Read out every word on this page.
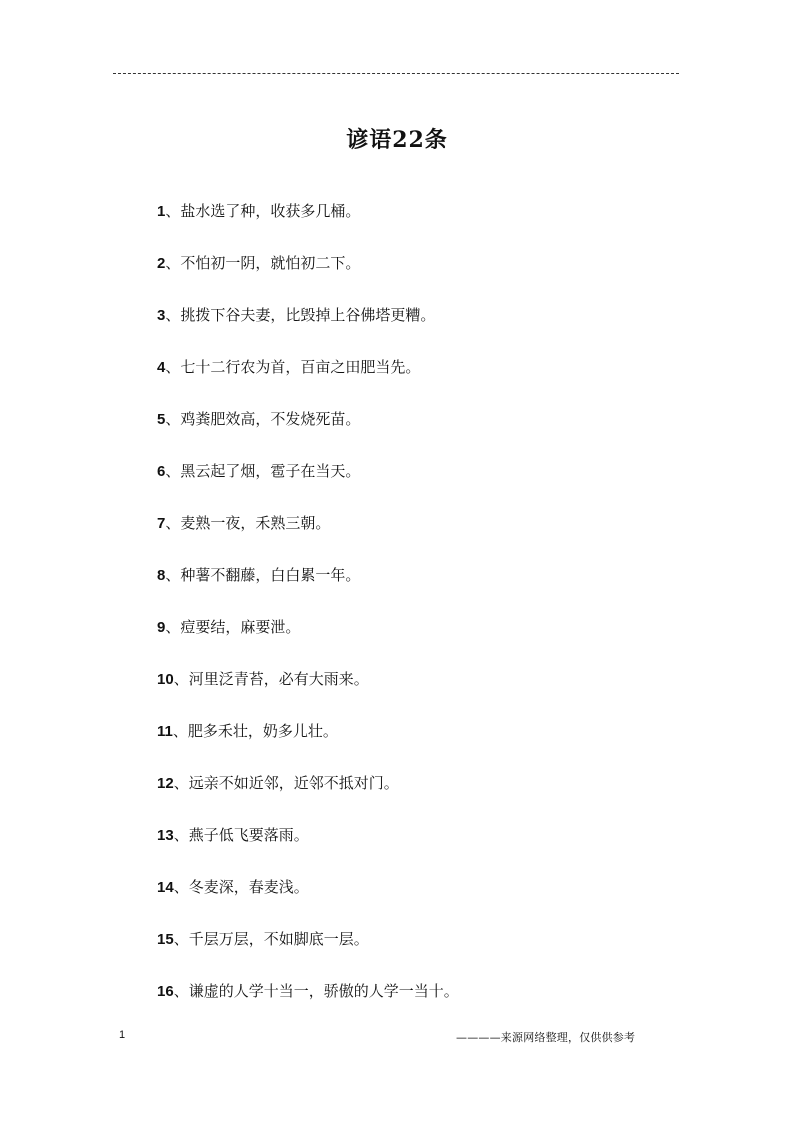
谚语22条
1、盐水选了种，收获多几桶。
2、不怕初一阴，就怕初二下。
3、挑拨下谷夫妻，比毁掉上谷佛塔更糟。
4、七十二行农为首，百亩之田肥当先。
5、鸡粪肥效高，不发烧死苗。
6、黑云起了烟，雹子在当天。
7、麦熟一夜，禾熟三朝。
8、种薯不翻藤，白白累一年。
9、痘要结，麻要泄。
10、河里泛青苔，必有大雨来。
11、肥多禾壮，奶多儿壮。
12、远亲不如近邻，近邻不抵对门。
13、燕子低飞要落雨。
14、冬麦深，春麦浅。
15、千层万层，不如脚底一层。
16、谦虚的人学十当一，骄傲的人学一当十。
1	————来源网络整理，仅供供参考
